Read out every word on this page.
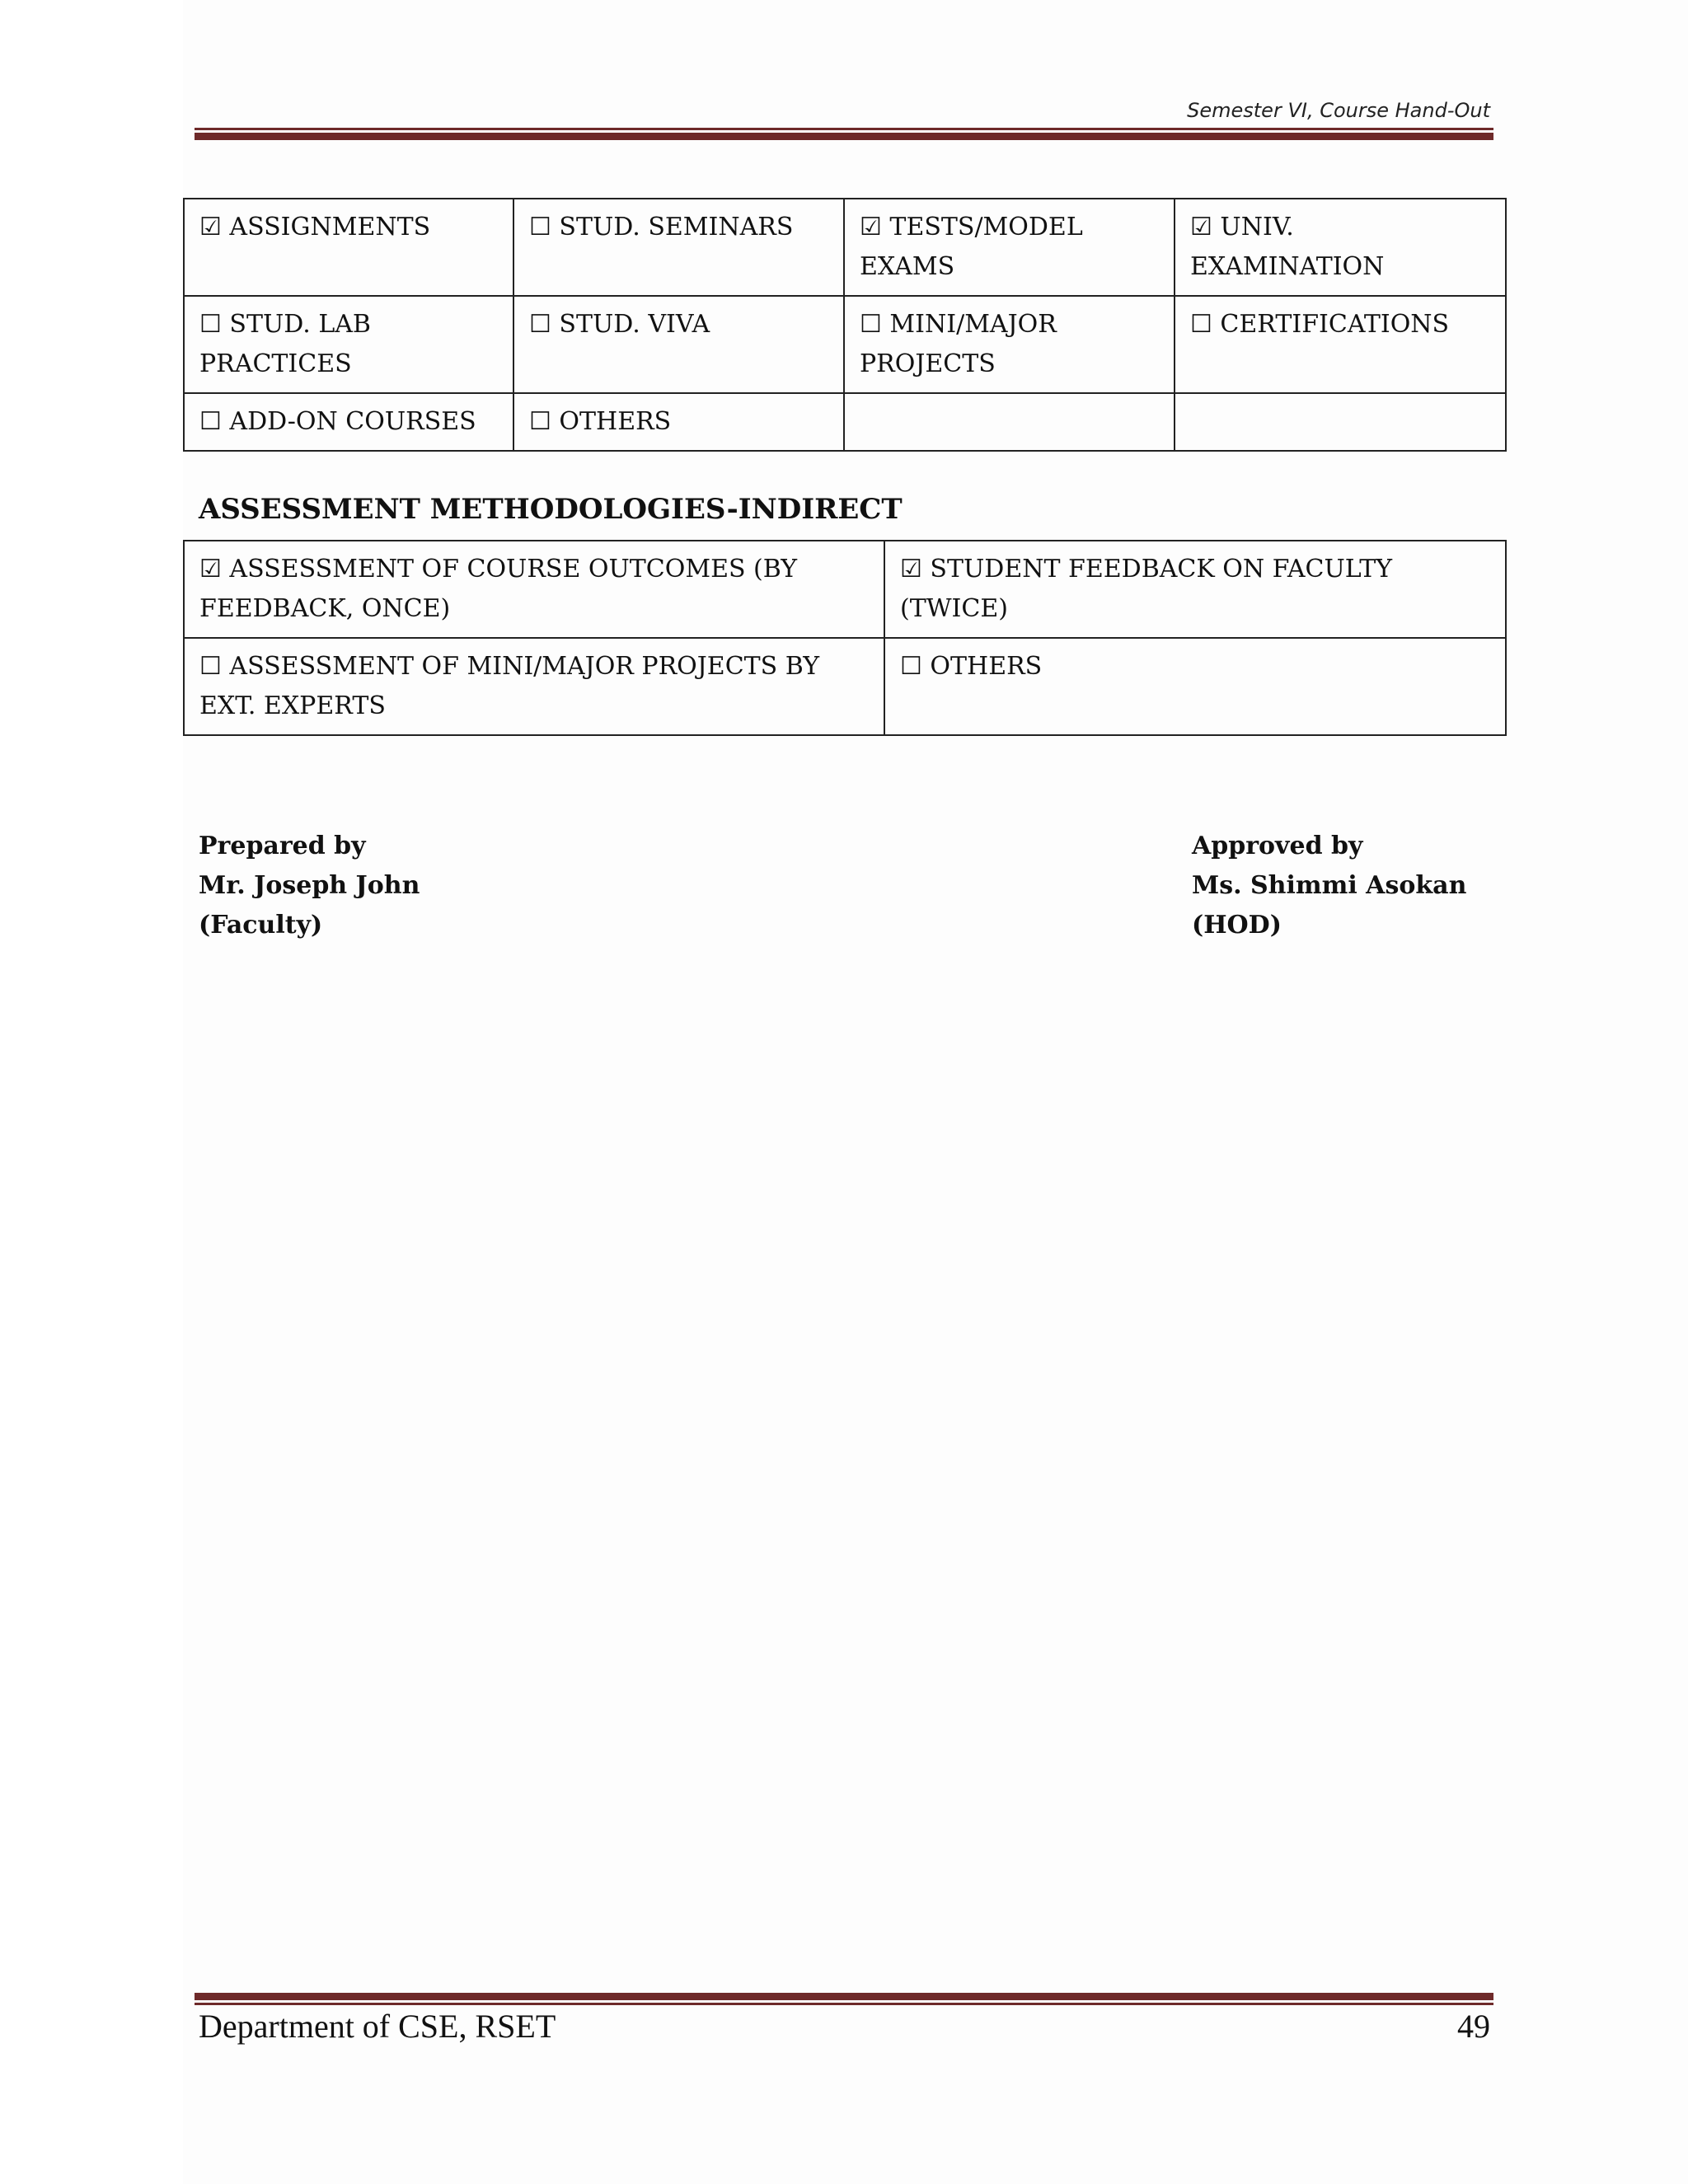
Semester VI, Course Hand-Out
☑ ASSIGNMENTS	☐ STUD. SEMINARS	☑ TESTS/MODEL EXAMS	☑ UNIV. EXAMINATION
☐ STUD. LAB PRACTICES	☐ STUD. VIVA	☐ MINI/MAJOR PROJECTS	☐ CERTIFICATIONS
☐ ADD-ON COURSES	☐ OTHERS		
ASSESSMENT METHODOLOGIES-INDIRECT
☑ ASSESSMENT OF COURSE OUTCOMES (BY FEEDBACK, ONCE)	☑ STUDENT FEEDBACK ON FACULTY (TWICE)
☐ ASSESSMENT OF MINI/MAJOR PROJECTS BY EXT. EXPERTS	☐ OTHERS
Prepared by
Mr. Joseph John
(Faculty)
Approved by
Ms. Shimmi Asokan
(HOD)
Department of CSE, RSET	49
